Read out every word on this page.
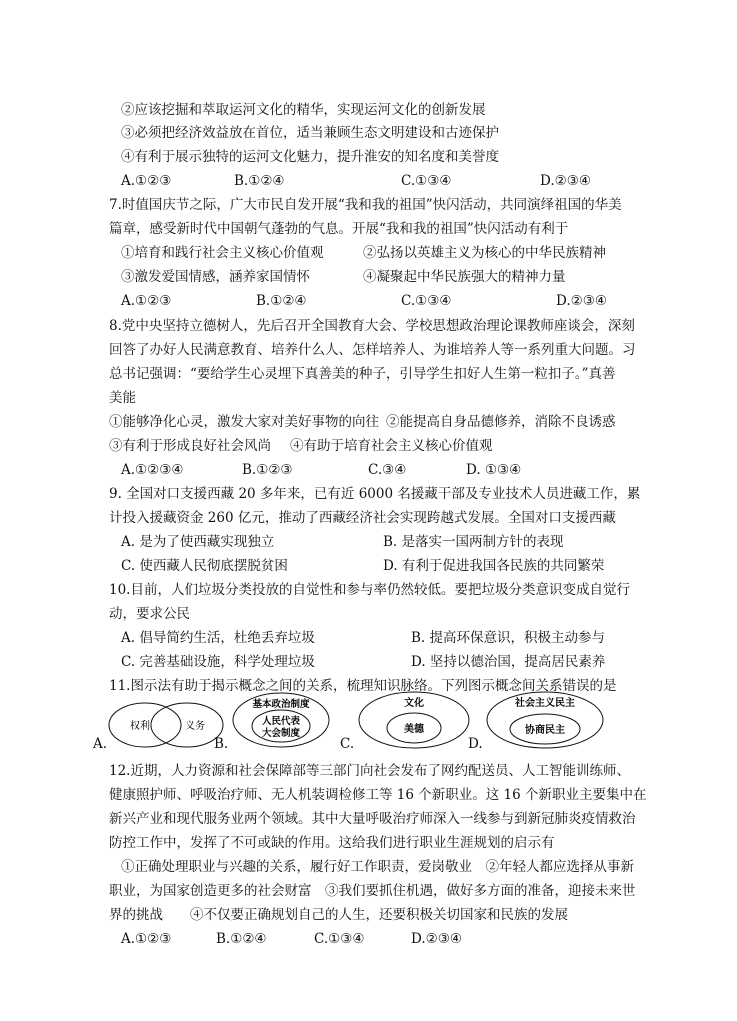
②应该挖掘和萃取运河文化的精华，实现运河文化的创新发展
③必须把经济效益放在首位，适当兼顾生态文明建设和古迹保护
④有利于展示独特的运河文化魅力，提升淮安的知名度和美誉度
A.①②③	B.①②④	C.①③④	D.②③④
7.时值国庆节之际，广大市民自发开展“我和我的祖国”快闪活动，共同演绎祖国的华美
篇章，感受新时代中国朝气蓬勃的气息。开展“我和我的祖国”快闪活动有利于
①培育和践行社会主义核心价值观	②弘扬以英雄主义为核心的中华民族精神
③激发爱国情感，涵养家国情怀	④凝聚起中华民族强大的精神力量
A.①②③	B.①②④	C.①③④	D.②③④
8.党中央坚持立德树人，先后召开全国教育大会、学校思想政治理论课教师座谈会，深刻
回答了办好人民满意教育、培养什么人、怎样培养人、为谁培养人等一系列重大问题。习
总书记强调：“要给学生心灵埋下真善美的种子，引导学生扣好人生第一粒扣子。”真善
美能
①能够净化心灵，激发大家对美好事物的向往 ②能提高自身品德修养，消除不良诱惑
③有利于形成良好社会风尚 ④有助于培育社会主义核心价值观
A.①②③④	B.①②③	C.③④	D. ①③④
9. 全国对口支援西藏 20 多年来，已有近 6000 名援藏干部及专业技术人员进藏工作，累
计投入援藏资金 260 亿元，推动了西藏经济社会实现跨越式发展。全国对口支援西藏
A. 是为了使西藏实现独立	B. 是落实一国两制方针的表现
C. 使西藏人民彻底摆脱贫困	D. 有利于促进我国各民族的共同繁荣
10.目前，人们垃圾分类投放的自觉性和参与率仍然较低。要把垃圾分类意识变成自觉行
动，要求公民
A. 倡导简约生活，杜绝丢弃垃圾	B. 提高环保意识，积极主动参与
C. 完善基础设施，科学处理垃圾	D. 坚持以德治国，提高居民素养
11.图示法有助于揭示概念之间的关系，梳理知识脉络。下列图示概念间关系错误的是
权利	义务
基本政治制度
人民代表
大会制度
文化
美德
社会主义民主
协商民主
A.	B.	C.	D.
12.近期，人力资源和社会保障部等三部门向社会发布了网约配送员、人工智能训练师、
健康照护师、呼吸治疗师、无人机装调检修工等 16 个新职业。这 16 个新职业主要集中在
新兴产业和现代服务业两个领域。其中大量呼吸治疗师深入一线参与到新冠肺炎疫情救治
防控工作中，发挥了不可或缺的作用。这给我们进行职业生涯规划的启示有
①正确处理职业与兴趣的关系，履行好工作职责，爱岗敬业　②年轻人都应选择从事新
职业，为国家创造更多的社会财富　③我们要抓住机遇，做好多方面的准备，迎接未来世
界的挑战　　④不仅要正确规划自己的人生，还要积极关切国家和民族的发展
A.①②③	B.①②④	C.①③④	D.②③④
